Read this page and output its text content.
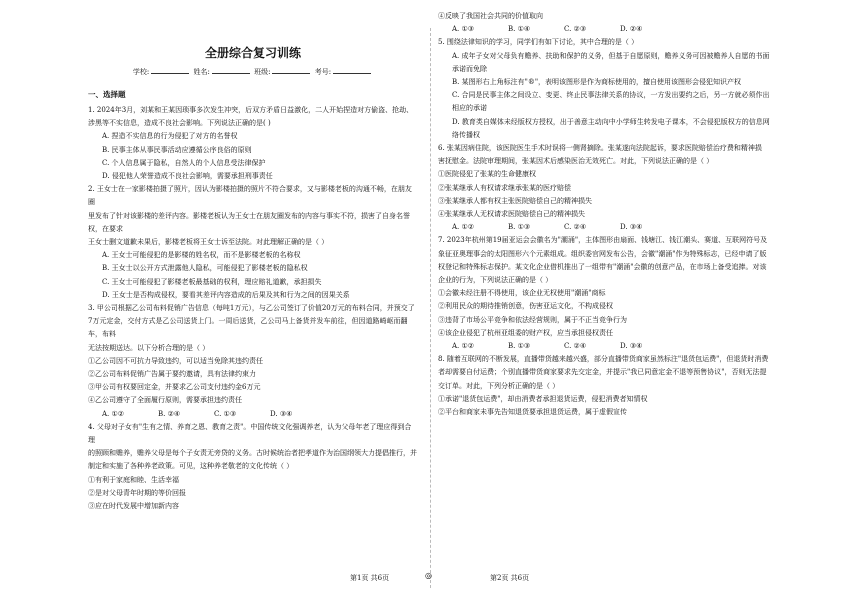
全册综合复习训练
学校:	姓名:	班级:	考号:
一、选择题

1. 2024年3月，刘某和王某因琐事多次发生冲突，后双方矛盾日益激化，二人开始捏造对方偷盗、抢劫、涉黑等不实信息，造成不良社会影响。下列说法正确的是( )

A. 捏造不实信息的行为侵犯了对方的名誉权

B. 民事主体从事民事活动应遵循公序良俗的原则

C. 个人信息属于隐私，自然人的个人信息受法律保护

D. 侵犯他人荣誉造成不良社会影响，需要承担刑事责任

2. 王女士在一家影楼拍摄了照片，因认为影楼拍摄的照片不符合要求，又与影楼老板的沟通不畅，在朋友圈

里发布了针对该影楼的差评内容。影楼老板认为王女士在朋友圈发布的内容与事实不符，损害了自身名誉权，在要求

王女士删文道歉未果后，影楼老板将王女士诉至法院。对此理解正确的是（ ）

A. 王女士可能侵犯的是影楼的姓名权，而不是影楼老板的名称权

B. 王女士以公开方式泄露他人隐私，可能侵犯了影楼老板的隐私权

C. 王女士可能侵犯了影楼老板最基础的权利，理应赔礼道歉，承担损失

D. 王女士是否构成侵权，要看其差评内容造成的后果及其和行为之间的因果关系

3. 甲公司根据乙公司布料促销广告信息（每吨1万元），与乙公司签订了价值20万元的布料合同，并预交了

7万元定金，交付方式是乙公司送货上门。一周后送货，乙公司马上备货并发车前往，但因道路崎岖而翻车，布料

无法按期送达。以下分析合理的是（ ）

①乙公司因不可抗力导致违约，可以适当免除其违约责任

②乙公司布料促销广告属于要约邀请，具有法律约束力

③甲公司有权要回定金，并要求乙公司支付违约金6万元

④乙公司遵守了全面履行原则，需要承担违约责任

A. ①②	B. ②④	C. ①③	D. ③④

4. 父母对子女有"生有之情、养育之恩、教育之责"。中国传统文化强调养老，认为父母年老了理应得到合理

的照顾和赡养，赡养父母是每个子女责无旁贷的义务。古时候统治者把孝道作为治国纲领大力提倡推行，并

制定和实施了各种养老政策。可见，这种养老敬老的文化传统（ ）

①有利于家庭和睦、生活幸福

②是对父母青年时期的等价回报

③应在时代发展中增加新内容

④反映了我国社会共同的价值取向

A. ①③	B. ①④	C. ②③	D. ②④

5. 围绕法律知识的学习，同学们有如下讨论，其中合理的是（ ）

A. 成年子女对父母负有赡养、扶助和保护的义务，但基于自愿原则，赡养义务可因被赡养人自愿的书面

承诺而免除

B. 某图形右上角标注有"®"，表明该图形是作为商标使用的，擅自使用该图形会侵犯知识产权

C. 合同是民事主体之间设立、变更、终止民事法律关系的协议，一方发出要约之后，另一方就必须作出

相应的承诺

D. 教育类自媒体未经版权方授权，出于善意主动向中小学师生转发电子课本，不会侵犯版权方的信息网

络传播权

6. 张某因病住院，该医院医生手术时误将一侧肾摘除。张某遂向法院起诉，要求医院赔偿治疗费和精神损

害抚慰金。法院审理期间，张某因术后感染医治无效死亡。对此，下列说法正确的是（ ）

①医院侵犯了张某的生命健康权

②张某继承人有权请求继承张某的医疗赔偿

③张某继承人都有权主张医院赔偿自己的精神损失

④张某继承人无权请求医院赔偿自己的精神损失

A. ①②	B. ①③	C. ②④	D. ③④

7. 2023年杭州第19届亚运会会徽名为"潮涌"，主体图形由扇面、钱塘江、钱江潮头、赛道、互联网符号及

象征亚奥理事会的太阳图形六个元素组成。组织委官网发布公告，会徽"潮涌"作为特殊标志，已经申请了版

权登记和特殊标志保护。某文化企业借机推出了一组带有"潮涌"会徽的创意产品，在市场上备受追捧。对该

企业的行为，下列说法正确的是（ ）

①会徽未经注册不得使用，该企业无权使用"潮涌"商标

②利用民众的期待推销创意，伤害亚运文化，不构成侵权

③违背了市场公平竞争和依法经营规则，属于不正当竞争行为

④该企业侵犯了杭州亚组委的财产权，应当承担侵权责任

A. ①②	B. ①③	C. ②④	D. ③④

8. 随着互联网的不断发展，直播带货越来越兴盛，部分直播带货商家虽然标注"退货包运费"，但退货时消费

者却需要自付运费；个别直播带货商家要求先交定金，并提示"我已同意定金不退等预售协议"，否则无法提

交订单。对此，下列分析正确的是（ ）

①承诺"退货包运费"，却由消费者承担退货运费，侵犯消费者知情权

②平台和商家未事先告知退货要承担退货运费，属于虚假宣传

第1页 共6页	◎	第2页 共6页
